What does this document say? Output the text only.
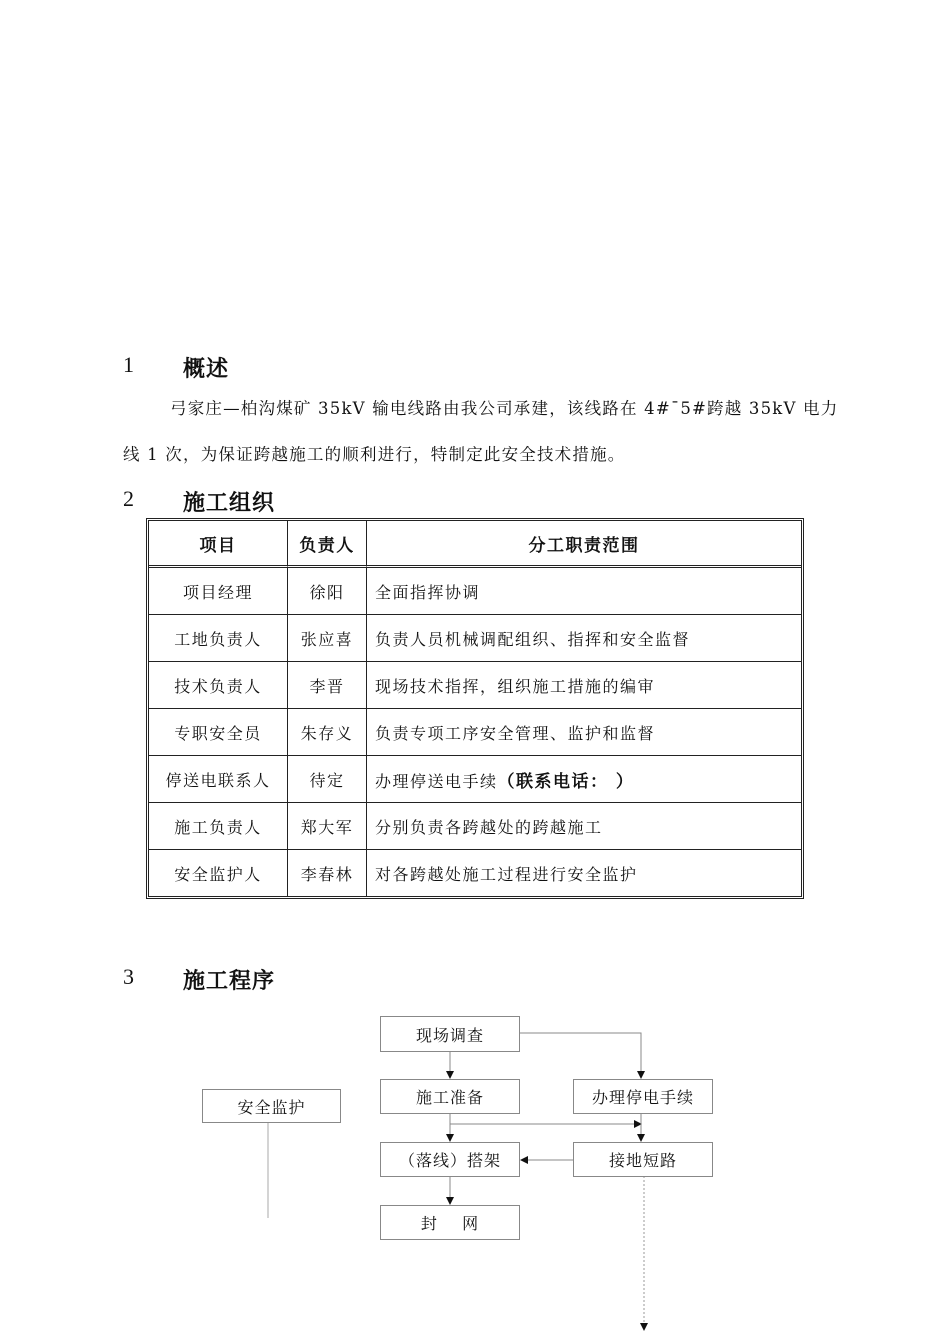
1 概述
弓家庄—柏沟煤矿 35kV 输电线路由我公司承建，该线路在 4#¯5#跨越 35kV 电力
线 1 次，为保证跨越施工的顺利进行，特制定此安全技术措施。
2 施工组织
项目	负责人	分工职责范围
项目经理	徐阳	全面指挥协调
工地负责人	张应喜	负责人员机械调配组织、指挥和安全监督
技术负责人	李晋	现场技术指挥，组织施工措施的编审
专职安全员	朱存义	负责专项工序安全管理、监护和监督
停送电联系人	待定	办理停送电手续（联系电话： ）
施工负责人	郑大军	分别负责各跨越处的跨越施工
安全监护人	李春林	对各跨越处施工过程进行安全监护
3 施工程序
现场调查
施工准备	办理停电手续
安全监护
（落线）搭架	接地短路
封    网
